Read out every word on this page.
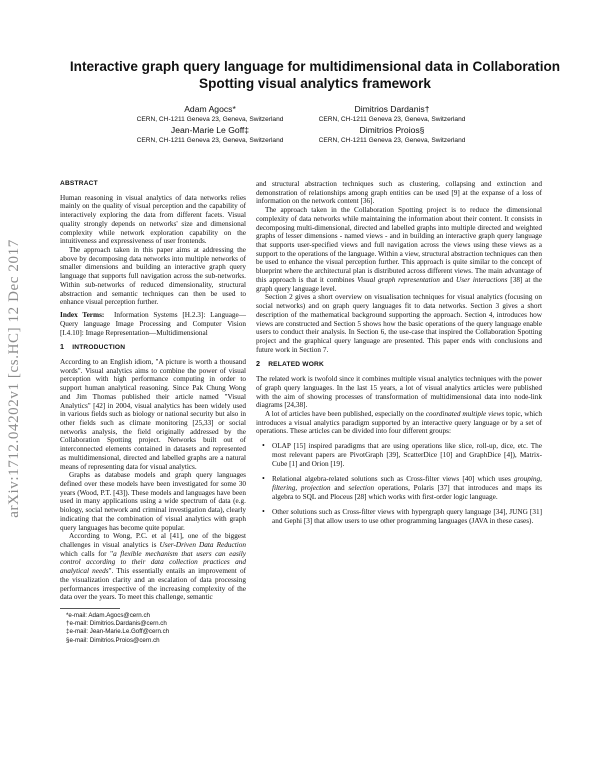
arXiv:1712.04202v1 [cs.HC] 12 Dec 2017
Interactive graph query language for multidimensional data in Collaboration Spotting visual analytics framework
Adam Agocs*
CERN, CH-1211 Geneva 23, Geneva, Switzerland
Dimitrios Dardanis†
CERN, CH-1211 Geneva 23, Geneva, Switzerland
Jean-Marie Le Goff‡
CERN, CH-1211 Geneva 23, Geneva, Switzerland
Dimitrios Proios§
CERN, CH-1211 Geneva 23, Geneva, Switzerland
ABSTRACT

Human reasoning in visual analytics of data networks relies mainly on the quality of visual perception and the capability of interactively exploring the data from different facets. Visual quality strongly depends on networks' size and dimensional complexity while network exploration capability on the intuitiveness and expressiveness of user frontends.

The approach taken in this paper aims at addressing the above by decomposing data networks into multiple networks of smaller dimensions and building an interactive graph query language that supports full navigation across the sub-networks. Within sub-networks of reduced dimensionality, structural abstraction and semantic techniques can then be used to enhance visual perception further.

Index Terms: Information Systems [H.2.3]: Language—Query language Image Processing and Computer Vision [I.4.10]: Image Representation—Multidimensional

1 INTRODUCTION

According to an English idiom, "A picture is worth a thousand words". Visual analytics aims to combine the power of visual perception with high performance computing in order to support human analytical reasoning. Since Pak Chung Wong and Jim Thomas published their article named "Visual Analytics" [42] in 2004, visual analytics has been widely used in various fields such as biology or national security but also in other fields such as climate monitoring [25,33] or social networks analysis, the field originally addressed by the Collaboration Spotting project. Networks built out of interconnected elements contained in datasets and represented as multidimensional, directed and labelled graphs are a natural means of representing data for visual analytics.

Graphs as database models and graph query languages defined over these models have been investigated for some 30 years (Wood, P.T. [43]). These models and languages have been used in many applications using a wide spectrum of data (e.g. biology, social network and criminal investigation data), clearly indicating that the combination of visual analytics with graph query languages has become quite popular.

According to Wong, P.C. et al [41], one of the biggest challenges in visual analytics is User-Driven Data Reduction which calls for "a flexible mechanism that users can easily control according to their data collection practices and analytical needs". This essentially entails an improvement of the visualization clarity and an escalation of data processing performances irrespective of the increasing complexity of the data over the years. To meet this challenge, semantic

*e-mail: Adam.Agocs@cern.ch
†e-mail: Dimitrios.Dardanis@cern.ch
‡e-mail: Jean-Marie.Le.Goff@cern.ch
§e-mail: Dimitrios.Proios@cern.ch

and structural abstraction techniques such as clustering, collapsing and extinction and demonstration of relationships among graph entities can be used [9] at the expanse of a loss of information on the network content [36].

The approach taken in the Collaboration Spotting project is to reduce the dimensional complexity of data networks while maintaining the information about their content. It consists in decomposing multi-dimensional, directed and labelled graphs into multiple directed and weighted graphs of lesser dimensions - named views - and in building an interactive graph query language that supports user-specified views and full navigation across the views using these views as a support to the operations of the language. Within a view, structural abstraction techniques can then be used to enhance the visual perception further. This approach is quite similar to the concept of blueprint where the architectural plan is distributed across different views. The main advantage of this approach is that it combines Visual graph representation and User interactions [38] at the graph query language level.

Section 2 gives a short overview on visualisation techniques for visual analytics (focusing on social networks) and on graph query languages fit to data networks. Section 3 gives a short description of the mathematical background supporting the approach. Section 4, introduces how views are constructed and Section 5 shows how the basic operations of the query language enable users to conduct their analysis. In Section 6, the use-case that inspired the Collaboration Spotting project and the graphical query language are presented. This paper ends with conclusions and future work in Section 7.

2 RELATED WORK

The related work is twofold since it combines multiple visual analytics techniques with the power of graph query languages. In the last 15 years, a lot of visual analytics articles were published with the aim of showing processes of transformation of multidimensional data into node-link diagrams [24,38].

A lot of articles have been published, especially on the coordinated multiple views topic, which introduces a visual analytics paradigm supported by an interactive query language or by a set of operations. These articles can be divided into four different groups:

• OLAP [15] inspired paradigms that are using operations like slice, roll-up, dice, etc. The most relevant papers are PivotGraph [39], ScatterDice [10] and GraphDice [4]), Matrix-Cube [1] and Orion [19].
• Relational algebra-related solutions such as Cross-filter views [40] which uses grouping, filtering, projection and selection operations, Polaris [37] that introduces and maps its algebra to SQL and Ploceus [28] which works with first-order logic language.
• Other solutions such as Cross-filter views with hypergraph query language [34], JUNG [31] and Gephi [3] that allow users to use other programming languages (JAVA in these cases).
